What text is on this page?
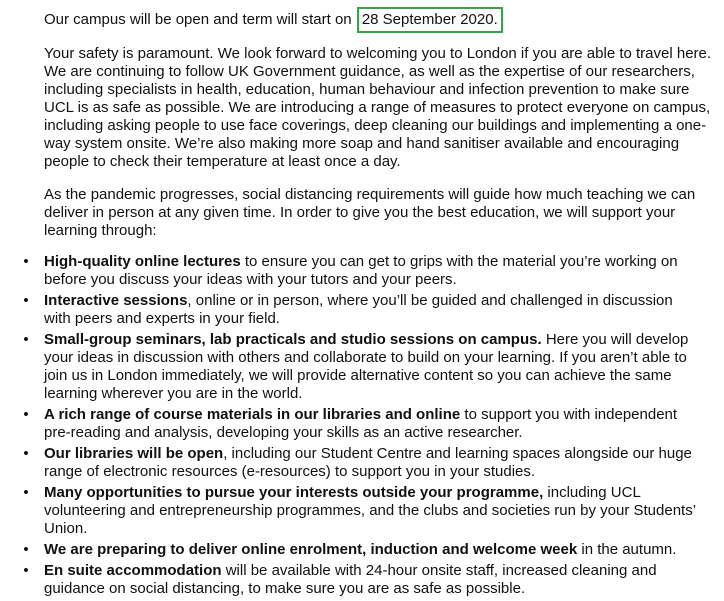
Our campus will be open and term will start on 28 September 2020.

Your safety is paramount. We look forward to welcoming you to London if you are able to travel here. We are continuing to follow UK Government guidance, as well as the expertise of our researchers, including specialists in health, education, human behaviour and infection prevention to make sure UCL is as safe as possible. We are introducing a range of measures to protect everyone on campus, including asking people to use face coverings, deep cleaning our buildings and implementing a one-way system onsite. We’re also making more soap and hand sanitiser available and encouraging people to check their temperature at least once a day.

As the pandemic progresses, social distancing requirements will guide how much teaching we can deliver in person at any given time. In order to give you the best education, we will support your learning through:

• High-quality online lectures to ensure you can get to grips with the material you’re working on before you discuss your ideas with your tutors and your peers.
• Interactive sessions, online or in person, where you’ll be guided and challenged in discussion with peers and experts in your field.
• Small-group seminars, lab practicals and studio sessions on campus. Here you will develop your ideas in discussion with others and collaborate to build on your learning. If you aren’t able to join us in London immediately, we will provide alternative content so you can achieve the same learning wherever you are in the world.
• A rich range of course materials in our libraries and online to support you with independent pre-reading and analysis, developing your skills as an active researcher.
• Our libraries will be open, including our Student Centre and learning spaces alongside our huge range of electronic resources (e-resources) to support you in your studies.
• Many opportunities to pursue your interests outside your programme, including UCL volunteering and entrepreneurship programmes, and the clubs and societies run by your Students’ Union.
• We are preparing to deliver online enrolment, induction and welcome week in the autumn.
• En suite accommodation will be available with 24-hour onsite staff, increased cleaning and guidance on social distancing, to make sure you are as safe as possible.
